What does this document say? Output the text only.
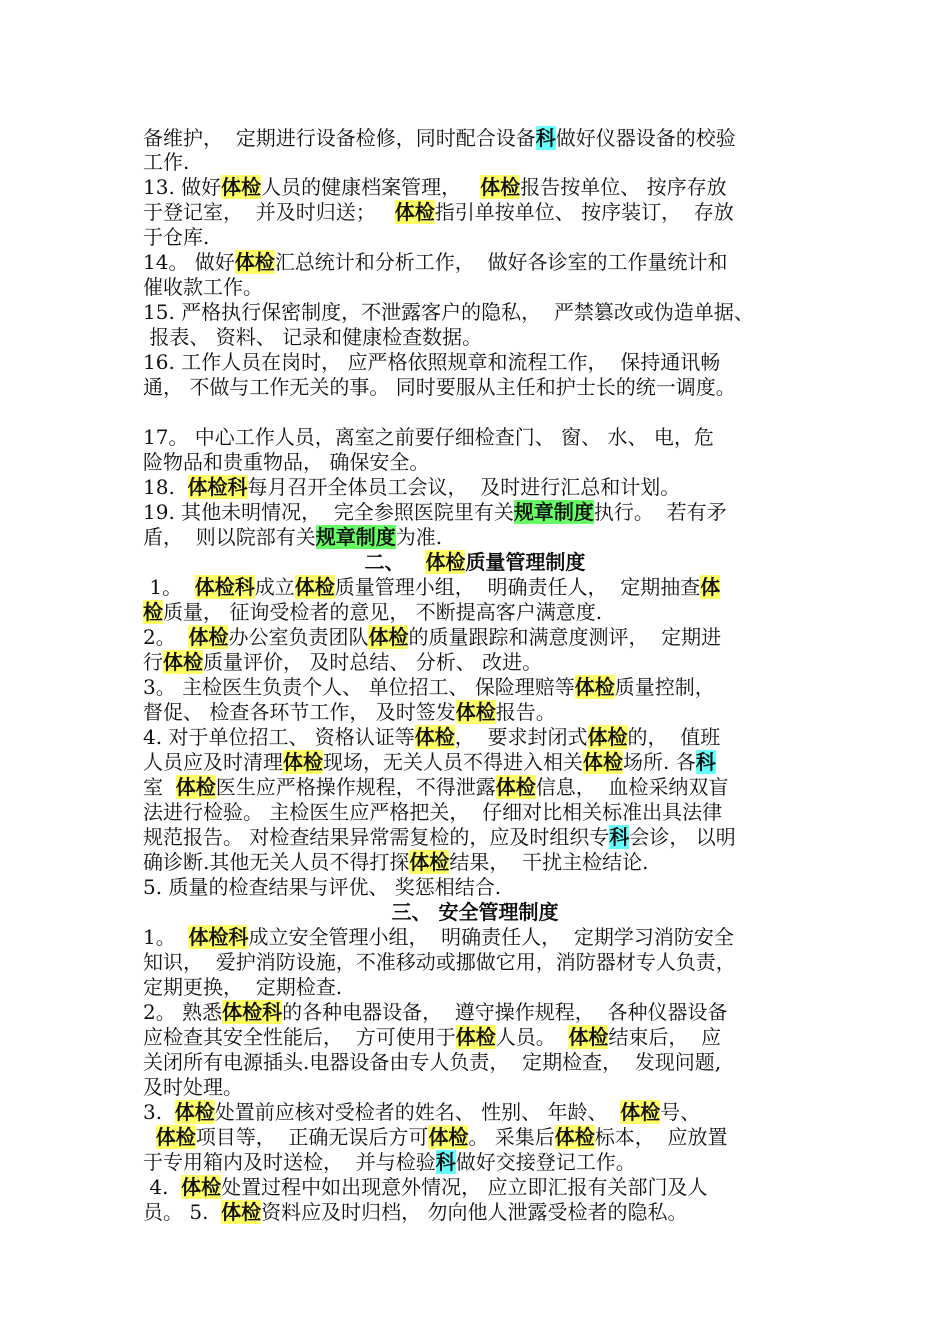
备维护，  定期进行设备检修，同时配合设备科做好仪器设备的校验
工作.
13. 做好体检人员的健康档案管理，   体检报告按单位、 按序存放
于登记室，  并及时归送；   体检指引单按单位、 按序装订，  存放
于仓库.
14。 做好体检汇总统计和分析工作，  做好各诊室的工作量统计和
催收款工作。
15. 严格执行保密制度，不泄露客户的隐私，  严禁篡改或伪造单据、
报表、 资料、 记录和健康检查数据。
16. 工作人员在岗时， 应严格依照规章和流程工作，  保持通讯畅
通， 不做与工作无关的事。 同时要服从主任和护士长的统一调度。
17。 中心工作人员，离室之前要仔细检查门、 窗、 水、 电，危
险物品和贵重物品， 确保安全。
18.  体检科每月召开全体员工会议，  及时进行汇总和计划。
19. 其他未明情况，  完全参照医院里有关规章制度执行。  若有矛
盾，  则以院部有关规章制度为准.
二、   体检质量管理制度
1。  体检科成立体检质量管理小组，  明确责任人，  定期抽查体
检质量， 征询受检者的意见， 不断提高客户满意度.
2。  体检办公室负责团队体检的质量跟踪和满意度测评，  定期进
行体检质量评价， 及时总结、 分析、 改进。
3。 主检医生负责个人、 单位招工、 保险理赔等体检质量控制，
督促、 检查各环节工作， 及时签发体检报告。
4. 对于单位招工、 资格认证等体检，  要求封闭式体检的，  值班
人员应及时清理体检现场，无关人员不得进入相关体检场所. 各科
室  体检医生应严格操作规程，不得泄露体检信息，  血检采纳双盲
法进行检验。 主检医生应严格把关，  仔细对比相关标准出具法律
规范报告。 对检查结果异常需复检的，应及时组织专科会诊， 以明
确诊断.其他无关人员不得打探体检结果，  干扰主检结论.
5. 质量的检查结果与评优、 奖惩相结合.
三、 安全管理制度
1。  体检科成立安全管理小组，  明确责任人，  定期学习消防安全
知识，  爱护消防设施，不准移动或挪做它用，消防器材专人负责，
定期更换，  定期检查.
2。 熟悉体检科的各种电器设备，  遵守操作规程，  各种仪器设备
应检查其安全性能后，  方可使用于体检人员。  体检结束后，  应
关闭所有电源插头.电器设备由专人负责，  定期检查，  发现问题,
及时处理。
3.  体检处置前应核对受检者的姓名、 性别、 年龄、  体检号、
体检项目等，  正确无误后方可体检。 采集后体检标本，  应放置
于专用箱内及时送检，  并与检验科做好交接登记工作。
4.  体检处置过程中如出现意外情况， 应立即汇报有关部门及人
员。 5.  体检资料应及时归档， 勿向他人泄露受检者的隐私。
